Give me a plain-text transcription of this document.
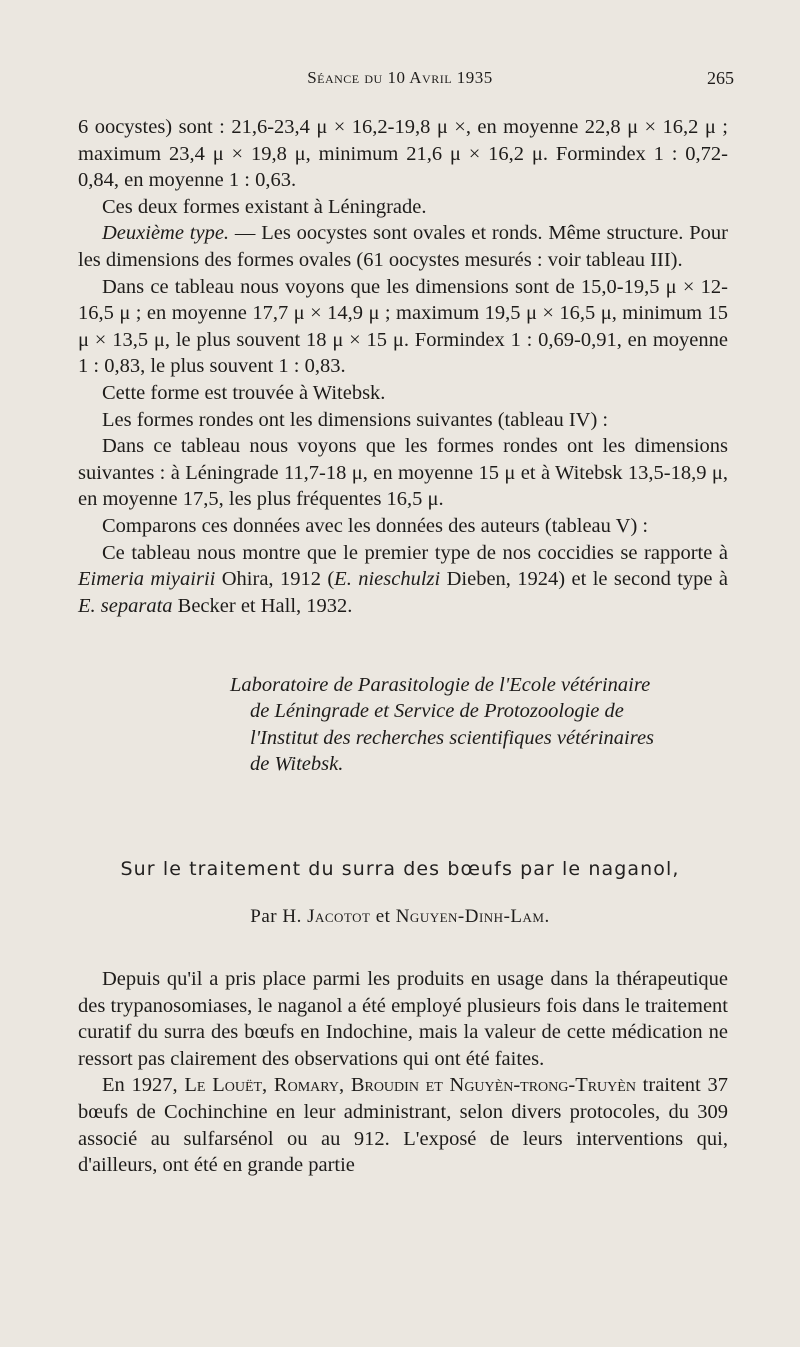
Séance du 10 Avril 1935	265

6 oocystes) sont : 21,6-23,4 μ × 16,2-19,8 μ ×, en moyenne 22,8 μ × 16,2 μ ; maximum 23,4 μ × 19,8 μ, minimum 21,6 μ × 16,2 μ. Formindex 1 : 0,72-0,84, en moyenne 1 : 0,63.

Ces deux formes existant à Léningrade.

Deuxième type. — Les oocystes sont ovales et ronds. Même structure. Pour les dimensions des formes ovales (61 oocystes mesurés : voir tableau III).

Dans ce tableau nous voyons que les dimensions sont de 15,0-19,5 μ × 12-16,5 μ ; en moyenne 17,7 μ × 14,9 μ ; maximum 19,5 μ × 16,5 μ, minimum 15 μ × 13,5 μ, le plus souvent 18 μ × 15 μ. Formindex 1 : 0,69-0,91, en moyenne 1 : 0,83, le plus souvent 1 : 0,83.

Cette forme est trouvée à Witebsk.

Les formes rondes ont les dimensions suivantes (tableau IV) :

Dans ce tableau nous voyons que les formes rondes ont les dimensions suivantes : à Léningrade 11,7-18 μ, en moyenne 15 μ et à Witebsk 13,5-18,9 μ, en moyenne 17,5, les plus fréquentes 16,5 μ.

Comparons ces données avec les données des auteurs (tableau V) :

Ce tableau nous montre que le premier type de nos coccidies se rapporte à Eimeria miyairii Ohira, 1912 (E. nieschulzi Dieben, 1924) et le second type à E. separata Becker et Hall, 1932.

Laboratoire de Parasitologie de l'Ecole vétérinaire
de Léningrade et Service de Protozoologie de
l'Institut des recherches scientifiques vétérinaires
de Witebsk.
Sur le traitement du surra des bœufs par le naganol,
Par H. Jacotot et Nguyen-Dinh-Lam.

Depuis qu'il a pris place parmi les produits en usage dans la thérapeutique des trypanosomiases, le naganol a été employé plusieurs fois dans le traitement curatif du surra des bœufs en Indochine, mais la valeur de cette médication ne ressort pas clairement des observations qui ont été faites.

En 1927, Le Louët, Romary, Broudin et Nguyèn-trong-Truyèn traitent 37 bœufs de Cochinchine en leur administrant, selon divers protocoles, du 309 associé au sulfarsénol ou au 912. L'exposé de leurs interventions qui, d'ailleurs, ont été en grande partie
